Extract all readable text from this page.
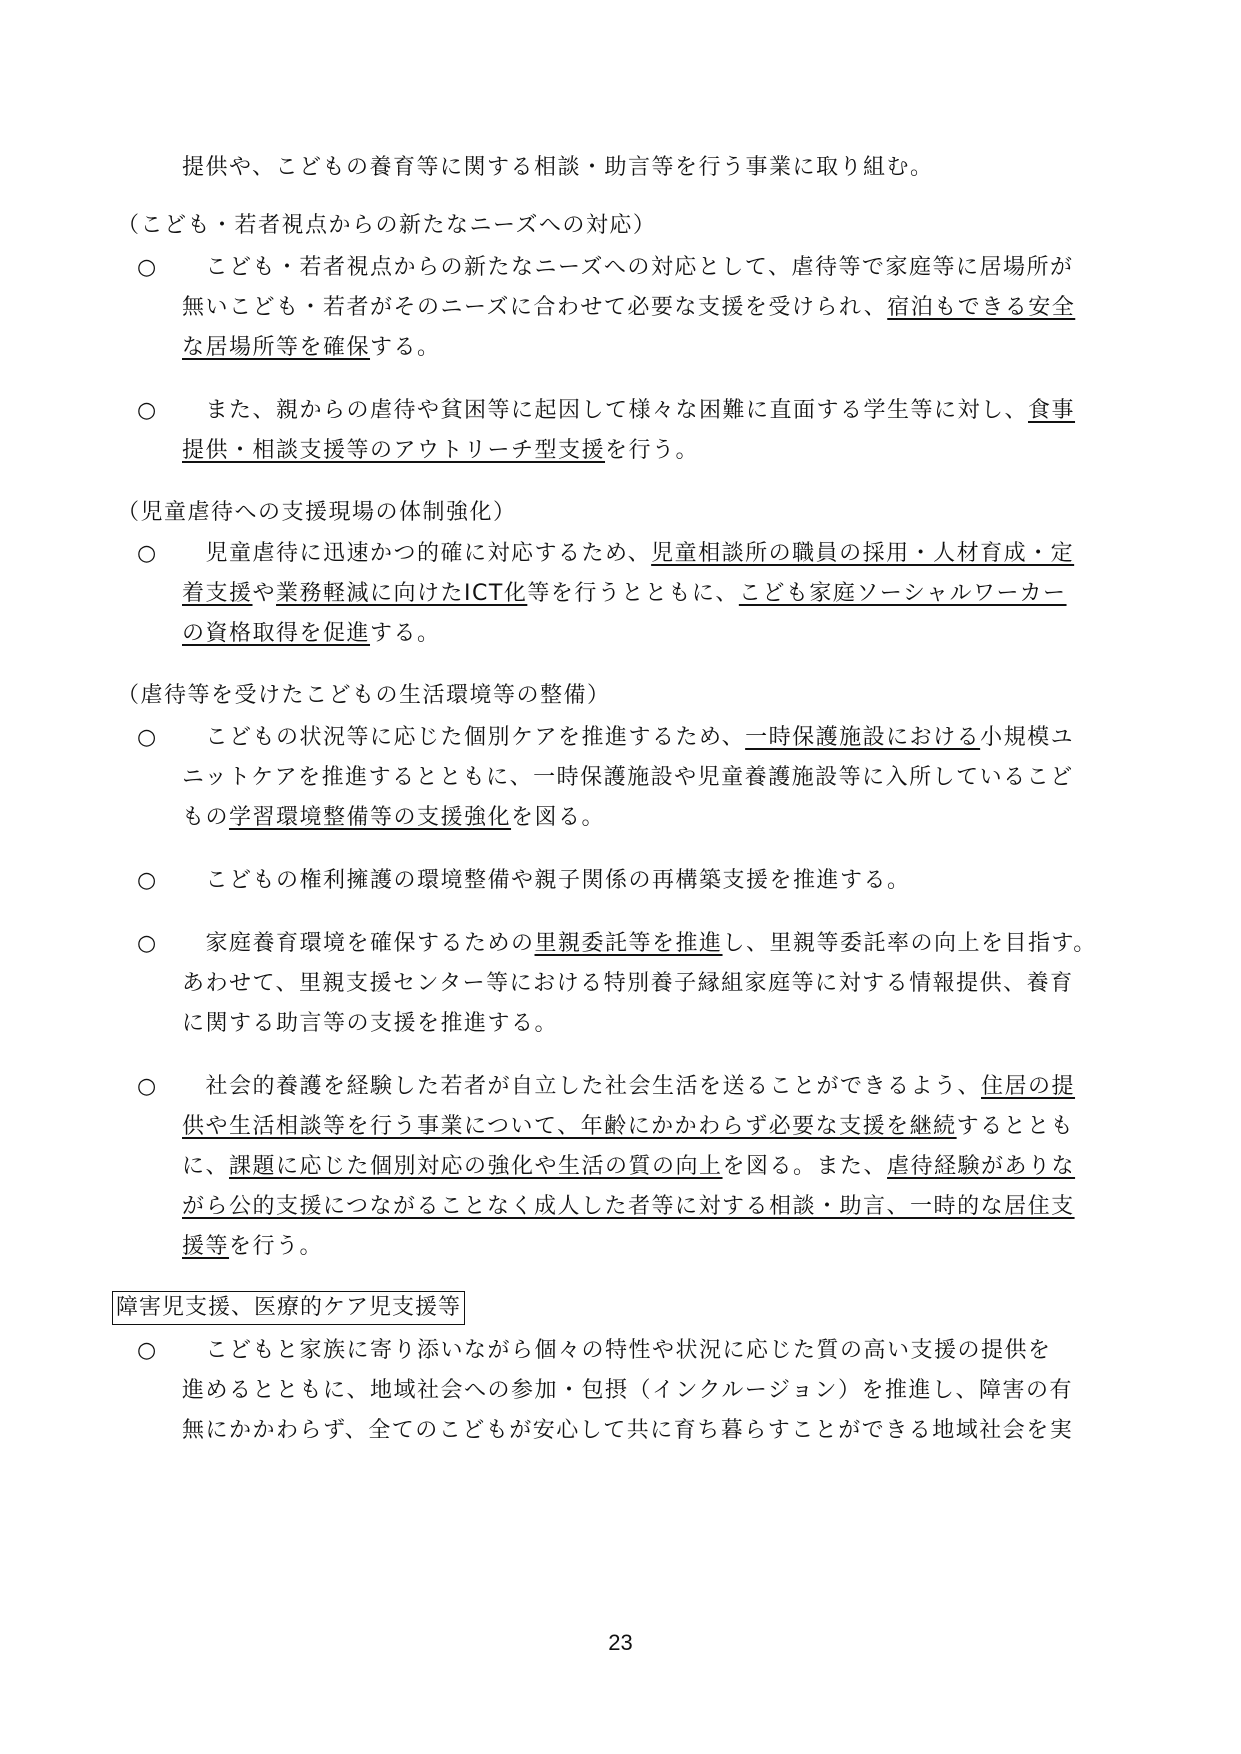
提供や、こどもの養育等に関する相談・助言等を行う事業に取り組む。
（こども・若者視点からの新たなニーズへの対応）
○ 　こども・若者視点からの新たなニーズへの対応として、虐待等で家庭等に居場所が
無いこども・若者がそのニーズに合わせて必要な支援を受けられ、宿泊もできる安全
な居場所等を確保する。
○ 　また、親からの虐待や貧困等に起因して様々な困難に直面する学生等に対し、食事
提供・相談支援等のアウトリーチ型支援を行う。
（児童虐待への支援現場の体制強化）
○ 　児童虐待に迅速かつ的確に対応するため、児童相談所の職員の採用・人材育成・定
着支援や業務軽減に向けたICT化等を行うとともに、こども家庭ソーシャルワーカー
の資格取得を促進する。
（虐待等を受けたこどもの生活環境等の整備）
○ 　こどもの状況等に応じた個別ケアを推進するため、一時保護施設における小規模ユ
ニットケアを推進するとともに、一時保護施設や児童養護施設等に入所しているこど
もの学習環境整備等の支援強化を図る。
○ 　こどもの権利擁護の環境整備や親子関係の再構築支援を推進する。
○ 　家庭養育環境を確保するための里親委託等を推進し、里親等委託率の向上を目指す。
あわせて、里親支援センター等における特別養子縁組家庭等に対する情報提供、養育
に関する助言等の支援を推進する。
○ 　社会的養護を経験した若者が自立した社会生活を送ることができるよう、住居の提
供や生活相談等を行う事業について、年齢にかかわらず必要な支援を継続するととも
に、課題に応じた個別対応の強化や生活の質の向上を図る。また、虐待経験がありな
がら公的支援につながることなく成人した者等に対する相談・助言、一時的な居住支
援等を行う。
障害児支援、医療的ケア児支援等
○ 　こどもと家族に寄り添いながら個々の特性や状況に応じた質の高い支援の提供を
進めるとともに、地域社会への参加・包摂（インクルージョン）を推進し、障害の有
無にかかわらず、全てのこどもが安心して共に育ち暮らすことができる地域社会を実
23
